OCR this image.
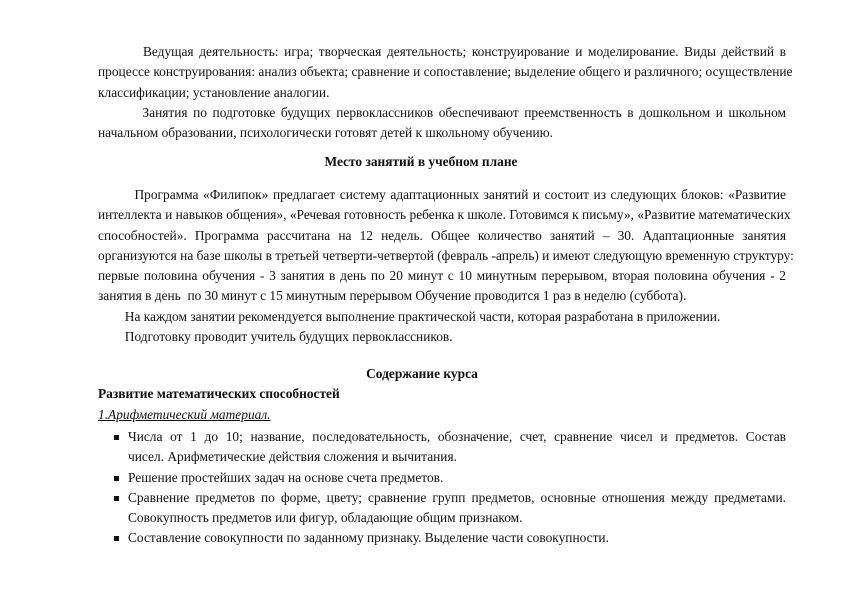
Ведущая деятельность: игра; творческая деятельность; конструирование и моделирование. Виды действий в
процессе конструирования: анализ объекта; сравнение и сопоставление; выделение общего и различного; осуществление
классификации; установление аналогии.
Занятия по подготовке будущих первоклассников обеспечивают преемственность в дошкольном и школьном
начальном образовании, психологически готовят детей к школьному обучению.
Место занятий в учебном плане
Программа «Филипок» предлагает систему адаптационных занятий и состоит из следующих блоков: «Развитие
интеллекта и навыков общения», «Речевая готовность ребенка к школе. Готовимся к письму», «Развитие математических
способностей». Программа рассчитана на 12 недель. Общее количество занятий – 30. Адаптационные занятия
организуются на базе школы в третьей четверти-четвертой (февраль -апрель) и имеют следующую временную структуру:
первые половина обучения - 3 занятия в день по 20 минут с 10 минутным перерывом, вторая половина обучения - 2
занятия в день  по 30 минут с 15 минутным перерывом Обучение проводится 1 раз в неделю (суббота).
На каждом занятии рекомендуется выполнение практической части, которая разработана в приложении.
Подготовку проводит учитель будущих первоклассников.
Содержание курса
Развитие математических способностей
1.Арифметический материал.
Числа от 1 до 10; название, последовательность, обозначение, счет, сравнение чисел и предметов. Состав
чисел. Арифметические действия сложения и вычитания.
Решение простейших задач на основе счета предметов.
Сравнение предметов по форме, цвету; сравнение групп предметов, основные отношения между предметами.
Совокупность предметов или фигур, обладающие общим признаком.
Составление совокупности по заданному признаку. Выделение части совокупности.
